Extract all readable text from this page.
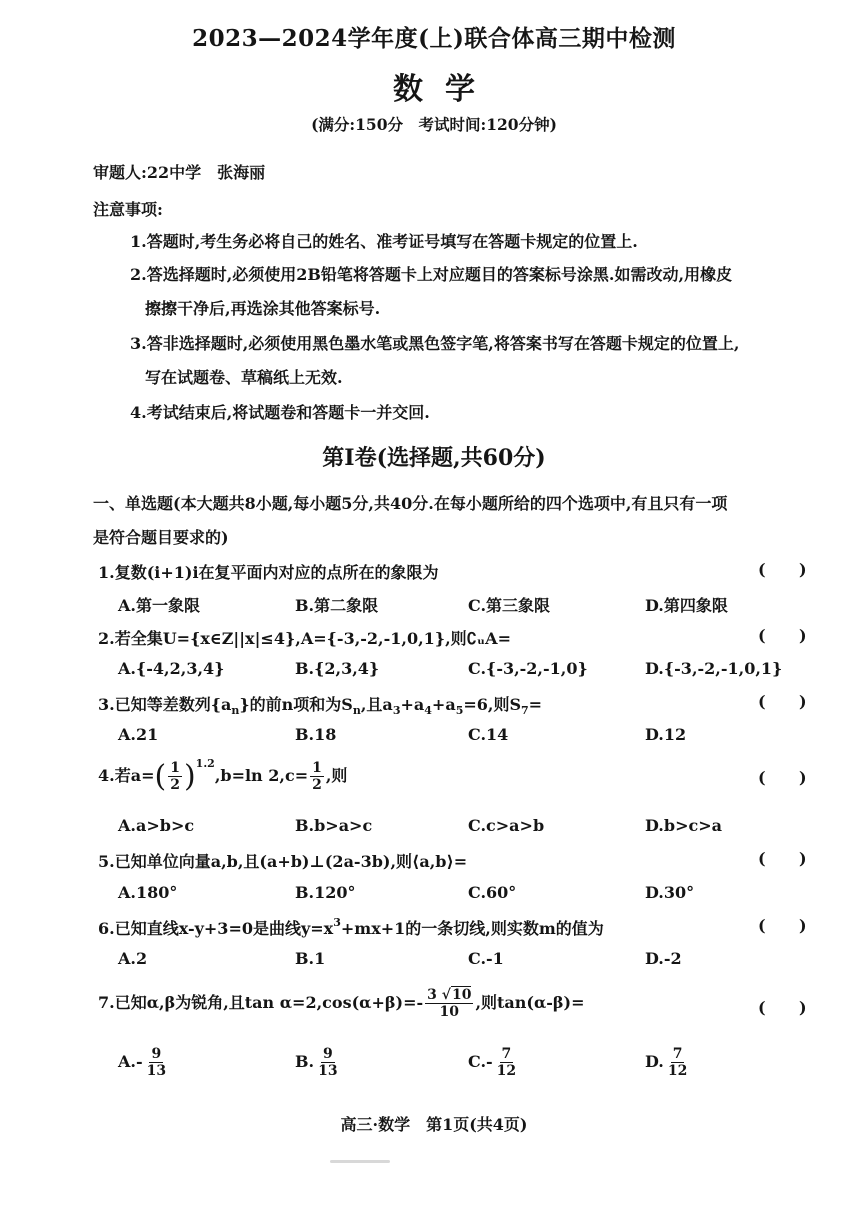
2023—2024学年度(上)联合体高三期中检测
数学
(满分:150分　考试时间:120分钟)
审题人:22中学　张海丽
注意事项:
1.答题时,考生务必将自己的姓名、准考证号填写在答题卡规定的位置上.
2.答选择题时,必须使用2B铅笔将答题卡上对应题目的答案标号涂黑.如需改动,用橡皮
擦擦干净后,再选涂其他答案标号.
3.答非选择题时,必须使用黑色墨水笔或黑色签字笔,将答案书写在答题卡规定的位置上,
写在试题卷、草稿纸上无效.
4.考试结束后,将试题卷和答题卡一并交回.
第Ⅰ卷(选择题,共60分)
一、单选题(本大题共8小题,每小题5分,共40分.在每小题所给的四个选项中,有且只有一项
是符合题目要求的)
1.复数(i+1)i在复平面内对应的点所在的象限为	(      )
A.第一象限	B.第二象限	C.第三象限	D.第四象限
2.若全集U={x∈Z||x|≤4},A={-3,-2,-1,0,1},则∁ᵤA=	(      )
A.{-4,2,3,4}	B.{2,3,4}	C.{-3,-2,-1,0}	D.{-3,-2,-1,0,1}
3.已知等差数列$\{a_n\}$的前n项和为$S_n$,且$a_3+a_4+a_5=6$,则$S_7=$	(      )
A.21	B.18	C.14	D.12
4.若$a=( \frac{1}{2} )^{1.2},b=\ln$ $2,c= \frac{1}{2}$ ,则	(      )
A.a>b>c	B.b>a>c	C.c>a>b	D.b>c>a
5.已知单位向量a,b,且(a+b)⊥(2a-3b),则⟨a,b⟩=	(      )
A.180°	B.120°	C.60°	D.30°
6.已知直线x-y+3=0是曲线$y=x^3+mx+1$的一条切线,则实数m的值为	(      )
A.2	B.1	C.-1	D.-2
7.已知α,β为锐角,且$\tan \alpha=2,\cos(\alpha+\beta)=- \frac{3 √10}{10}$ ,则tan(α-β)=	(      )
$A.- \frac{9}{13}$	B. $\frac{9}{13}$	$C.- \frac{7}{12}$	D. $\frac{7}{12}$
高三·数学　第1页(共4页)
